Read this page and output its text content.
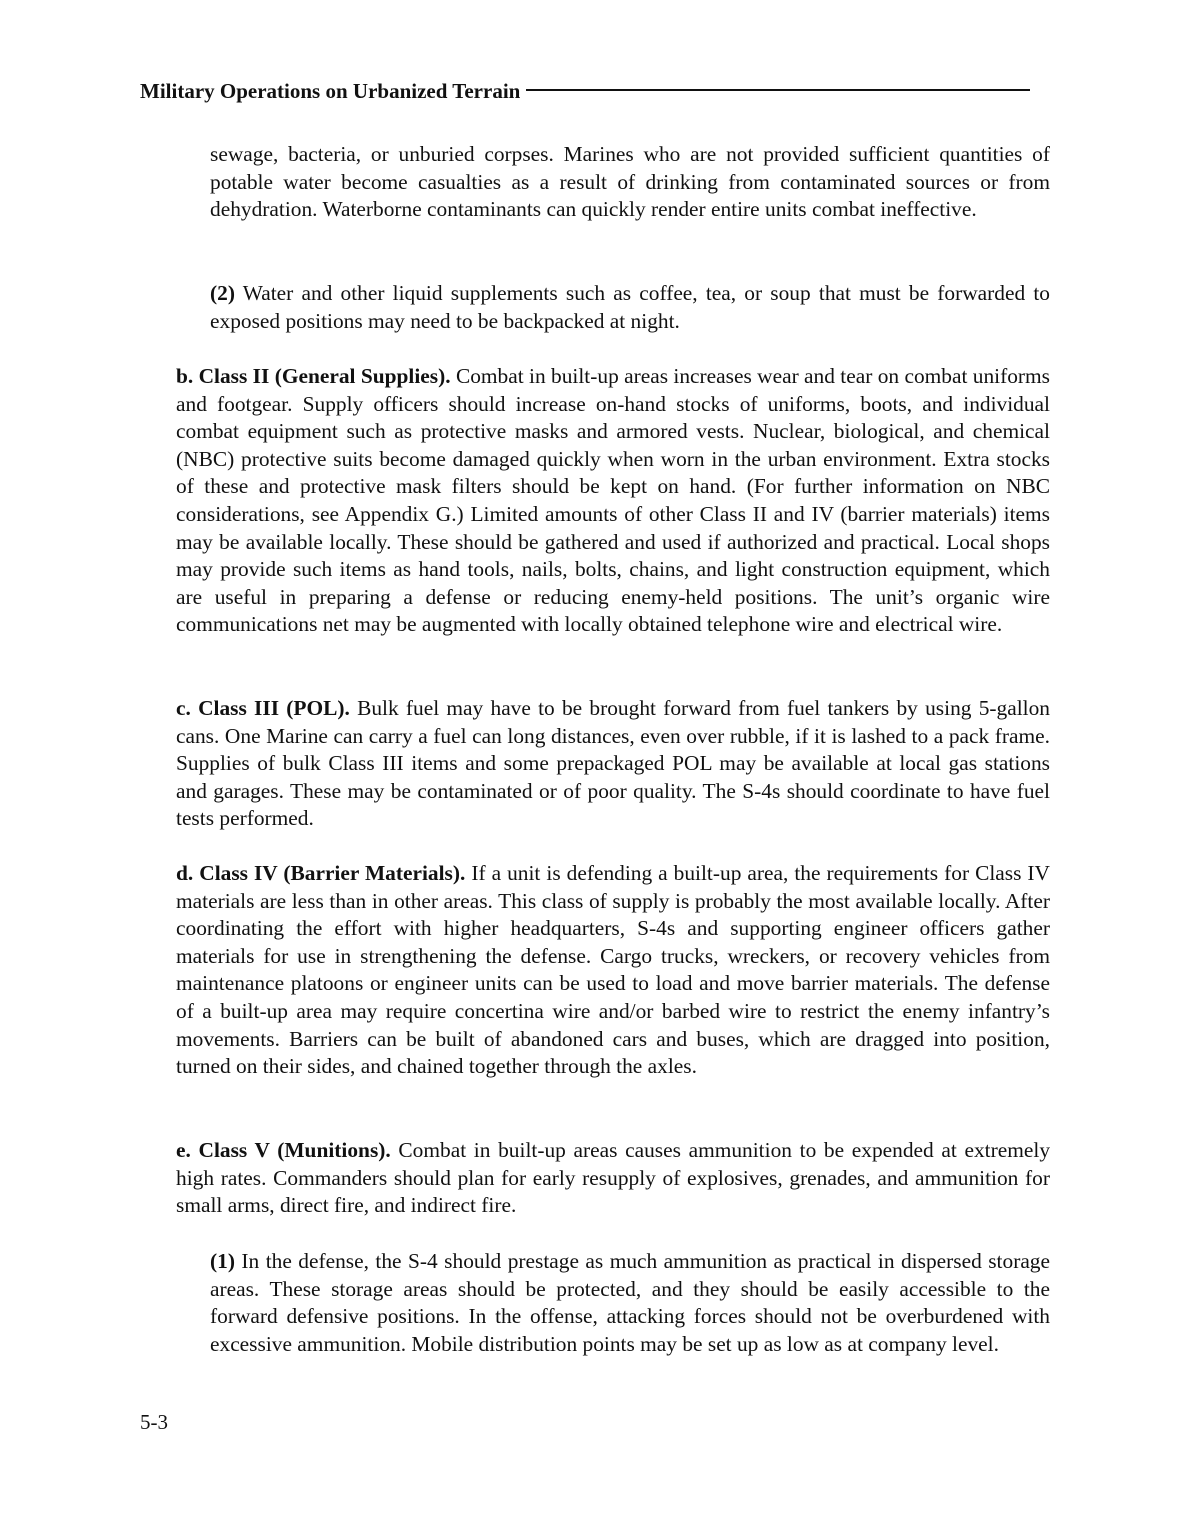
Military Operations on Urbanized Terrain

sewage, bacteria, or unburied corpses. Marines who are not provided sufficient quantities of potable water become casualties as a result of drinking from contaminated sources or from dehydration. Waterborne contaminants can quickly render entire units combat ineffective.

(2) Water and other liquid supplements such as coffee, tea, or soup that must be forwarded to exposed positions may need to be backpacked at night.

b. Class II (General Supplies). Combat in built-up areas increases wear and tear on combat uniforms and footgear. Supply officers should increase on-hand stocks of uniforms, boots, and individual combat equipment such as protective masks and armored vests. Nuclear, biological, and chemical (NBC) protective suits become damaged quickly when worn in the urban environment. Extra stocks of these and protective mask filters should be kept on hand. (For further information on NBC considerations, see Appendix G.) Limited amounts of other Class II and IV (barrier materials) items may be available locally. These should be gathered and used if authorized and practical. Local shops may provide such items as hand tools, nails, bolts, chains, and light construction equipment, which are useful in preparing a defense or reducing enemy-held positions. The unit’s organic wire communications net may be augmented with locally obtained telephone wire and electrical wire.

c. Class III (POL). Bulk fuel may have to be brought forward from fuel tankers by using 5-gallon cans. One Marine can carry a fuel can long distances, even over rubble, if it is lashed to a pack frame. Supplies of bulk Class III items and some prepackaged POL may be available at local gas stations and garages. These may be contaminated or of poor quality. The S-4s should coordinate to have fuel tests performed.

d. Class IV (Barrier Materials). If a unit is defending a built-up area, the requirements for Class IV materials are less than in other areas. This class of supply is probably the most available locally. After coordinating the effort with higher headquarters, S-4s and supporting engineer officers gather materials for use in strengthening the defense. Cargo trucks, wreckers, or recovery vehicles from maintenance platoons or engineer units can be used to load and move barrier materials. The defense of a built-up area may require concertina wire and/or barbed wire to restrict the enemy infantry’s movements. Barriers can be built of abandoned cars and buses, which are dragged into position, turned on their sides, and chained together through the axles.

e. Class V (Munitions). Combat in built-up areas causes ammunition to be expended at extremely high rates. Commanders should plan for early resupply of explosives, grenades, and ammunition for small arms, direct fire, and indirect fire.

(1) In the defense, the S-4 should prestage as much ammunition as practical in dispersed storage areas. These storage areas should be protected, and they should be easily accessible to the forward defensive positions. In the offense, attacking forces should not be overburdened with excessive ammunition. Mobile distribution points may be set up as low as at company level.

5-3
